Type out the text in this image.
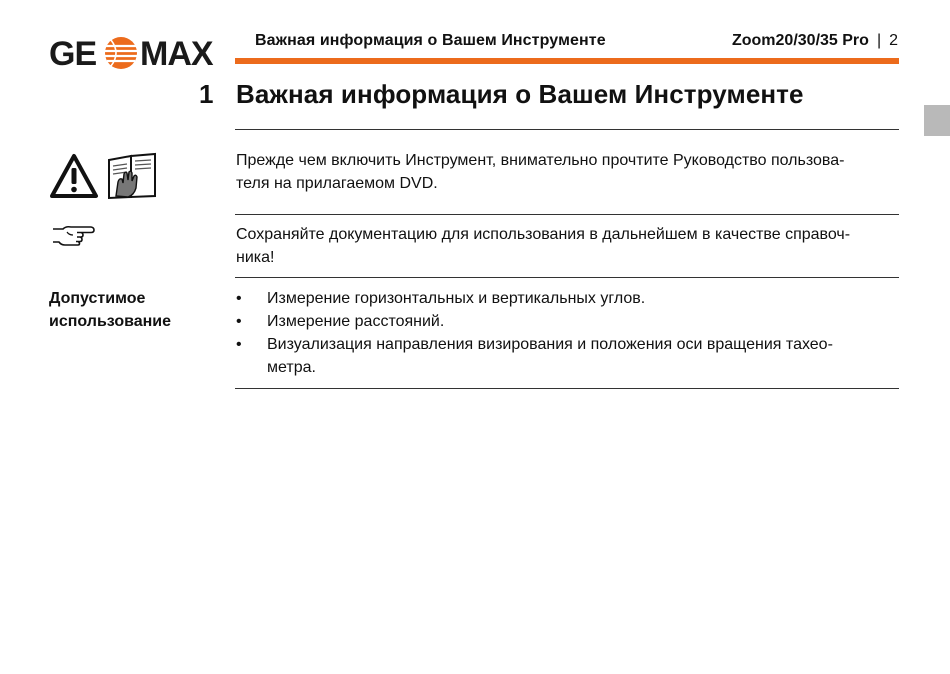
GE MAX	Важная информация о Вашем Инструменте	Zoom20/30/35 Pro | 2
1 Важная информация о Вашем Инструменте
Прежде чем включить Инструмент, внимательно прочтите Руководство пользова-
теля на прилагаемом DVD.
Сохраняйте документацию для использования в дальнейшем в качестве справоч-
ника!
Допустимое
использование
• Измерение горизонтальных и вертикальных углов.
• Измерение расстояний.
• Визуализация направления визирования и положения оси вращения тахео-
метра.
